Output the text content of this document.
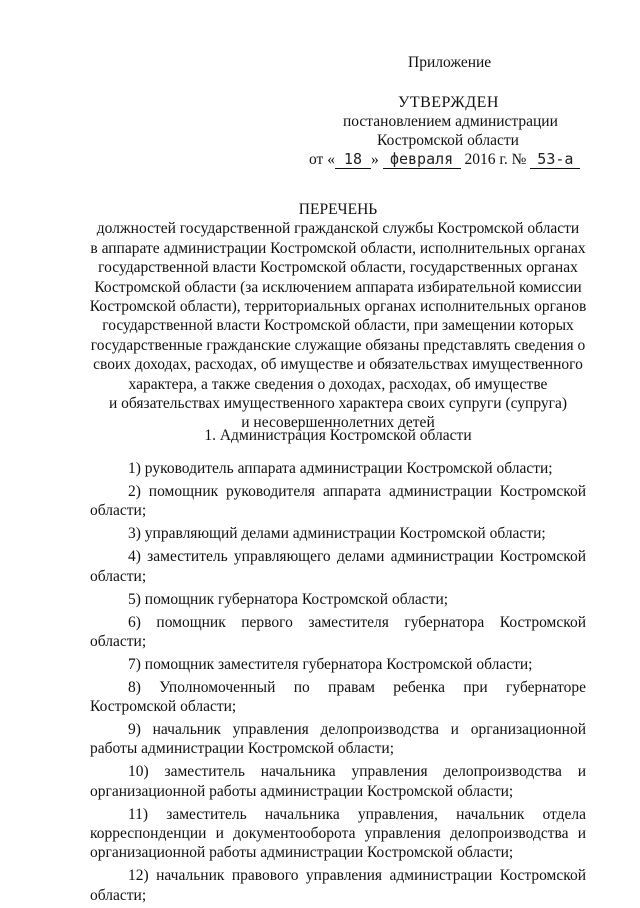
Приложение
УТВЕРЖДЕН
постановлением администрации
Костромской области
от « 18 » февраля 2016 г. № 53-а
ПЕРЕЧЕНЬ
должностей государственной гражданской службы Костромской области
в аппарате администрации Костромской области, исполнительных органах
государственной власти Костромской области, государственных органах
Костромской области (за исключением аппарата избирательной комиссии
Костромской области), территориальных органах исполнительных органов
государственной власти Костромской области, при замещении которых
государственные гражданские служащие обязаны представлять сведения о
своих доходах, расходах, об имуществе и обязательствах имущественного
характера, а также сведения о доходах, расходах, об имуществе
и обязательствах имущественного характера своих супруги (супруга)
и несовершеннолетних детей
1. Администрация Костромской области

1) руководитель аппарата администрации Костромской области;

2) помощник руководителя аппарата администрации Костромской области;

3) управляющий делами администрации Костромской области;

4) заместитель управляющего делами администрации Костромской области;

5) помощник губернатора Костромской области;

6) помощник первого заместителя губернатора Костромской области;

7) помощник заместителя губернатора Костромской области;

8) Уполномоченный по правам ребенка при губернаторе Костромской области;

9) начальник управления делопроизводства и организационной работы администрации Костромской области;

10) заместитель начальника управления делопроизводства и организационной работы администрации Костромской области;

11) заместитель начальника управления, начальник отдела корреспонденции и документооборота управления делопроизводства и организационной работы администрации Костромской области;

12) начальник правового управления администрации Костромской области;
